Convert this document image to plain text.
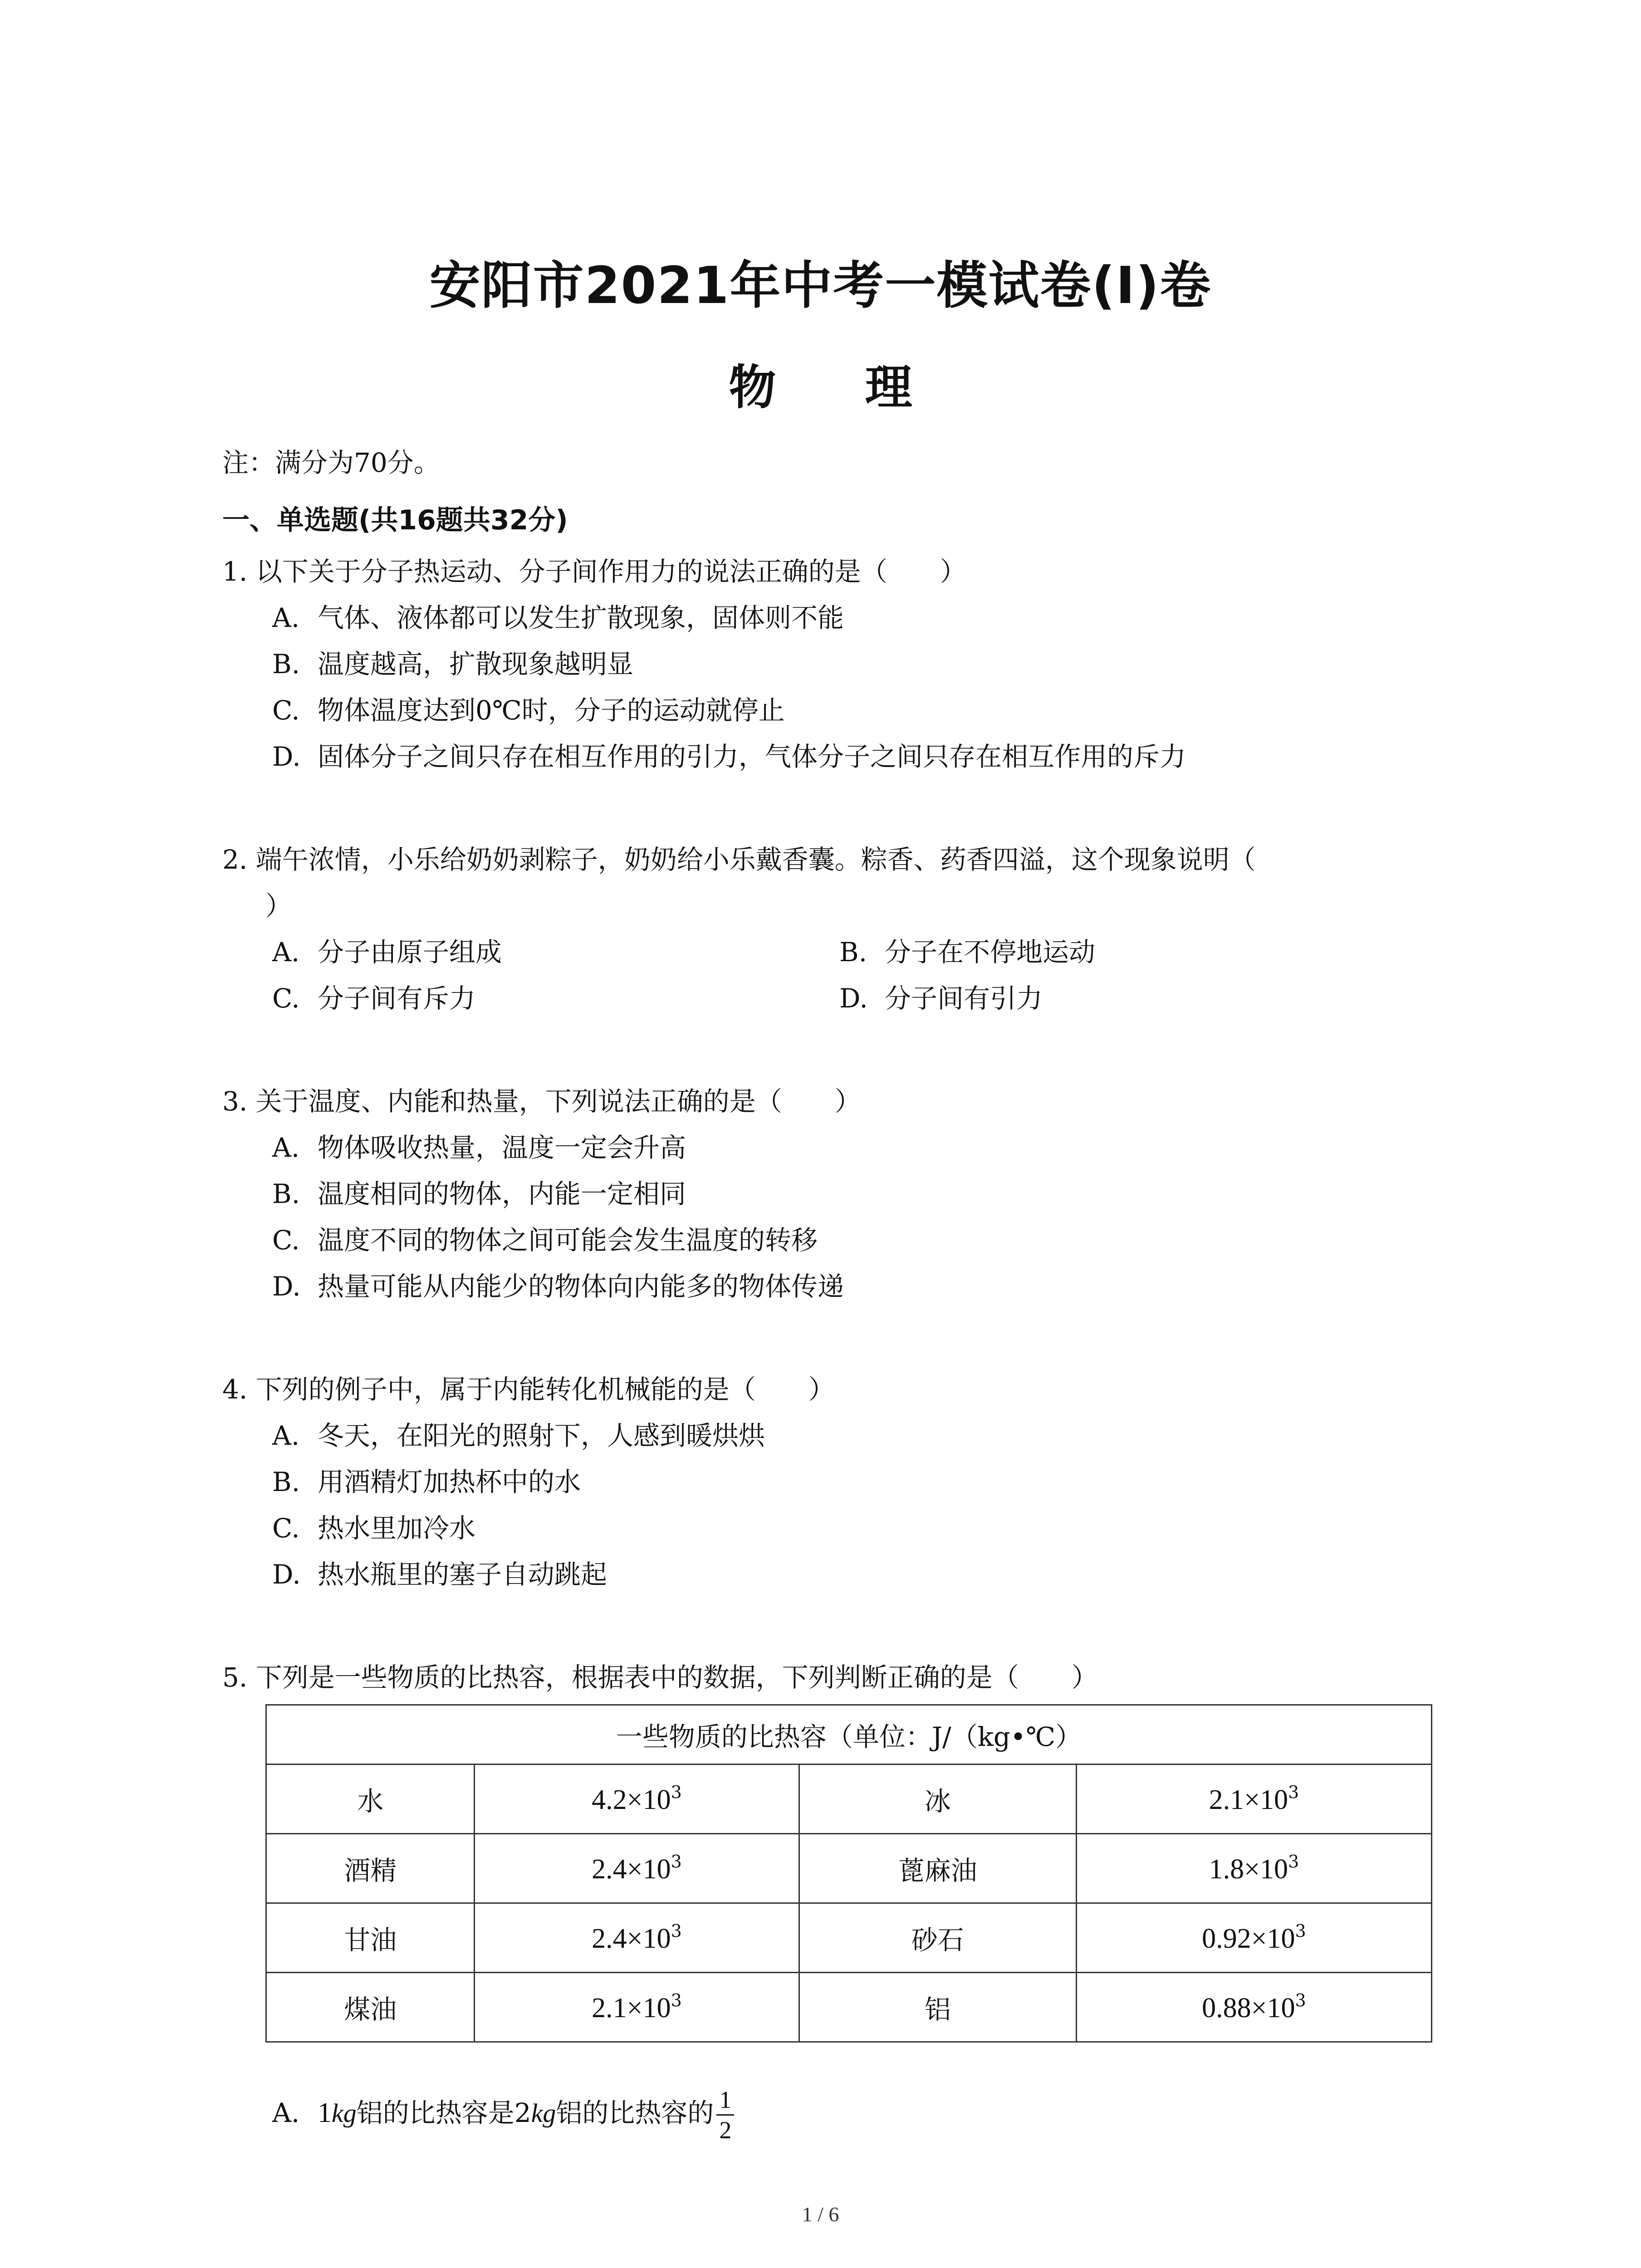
安阳市2021年中考一模试卷(I)卷
物 理
注：满分为70分。
一、单选题(共16题共32分)
1. 以下关于分子热运动、分子间作用力的说法正确的是（　　）
A. 气体、液体都可以发生扩散现象，固体则不能
B. 温度越高，扩散现象越明显
C. 物体温度达到0℃时，分子的运动就停止
D. 固体分子之间只存在相互作用的引力，气体分子之间只存在相互作用的斥力
2. 端午浓情，小乐给奶奶剥粽子，奶奶给小乐戴香囊。粽香、药香四溢，这个现象说明（
）
A. 分子由原子组成	B. 分子在不停地运动
C. 分子间有斥力	D. 分子间有引力
3. 关于温度、内能和热量，下列说法正确的是（　　）
A. 物体吸收热量，温度一定会升高
B. 温度相同的物体，内能一定相同
C. 温度不同的物体之间可能会发生温度的转移
D. 热量可能从内能少的物体向内能多的物体传递
4. 下列的例子中，属于内能转化机械能的是（　　）
A. 冬天，在阳光的照射下，人感到暖烘烘
B. 用酒精灯加热杯中的水
C. 热水里加冷水
D. 热水瓶里的塞子自动跳起
5. 下列是一些物质的比热容，根据表中的数据，下列判断正确的是（　　）
一些物质的比热容（单位：J/（kg•℃）			
水	$4.2\times 10^3$	冰	$2.1\times 10^3$
酒精	$2.4\times 10^3$	蓖麻油	$1.8\times 10^3$
甘油	$2.4\times 10^3$	砂石	$0.92\times 10^3$
煤油	$2.1\times 10^3$	铝	$0.88\times 10^3$
A. 1kg铝的比热容是2kg铝的比热容的 $\frac{1}{2}$
1 / 6
